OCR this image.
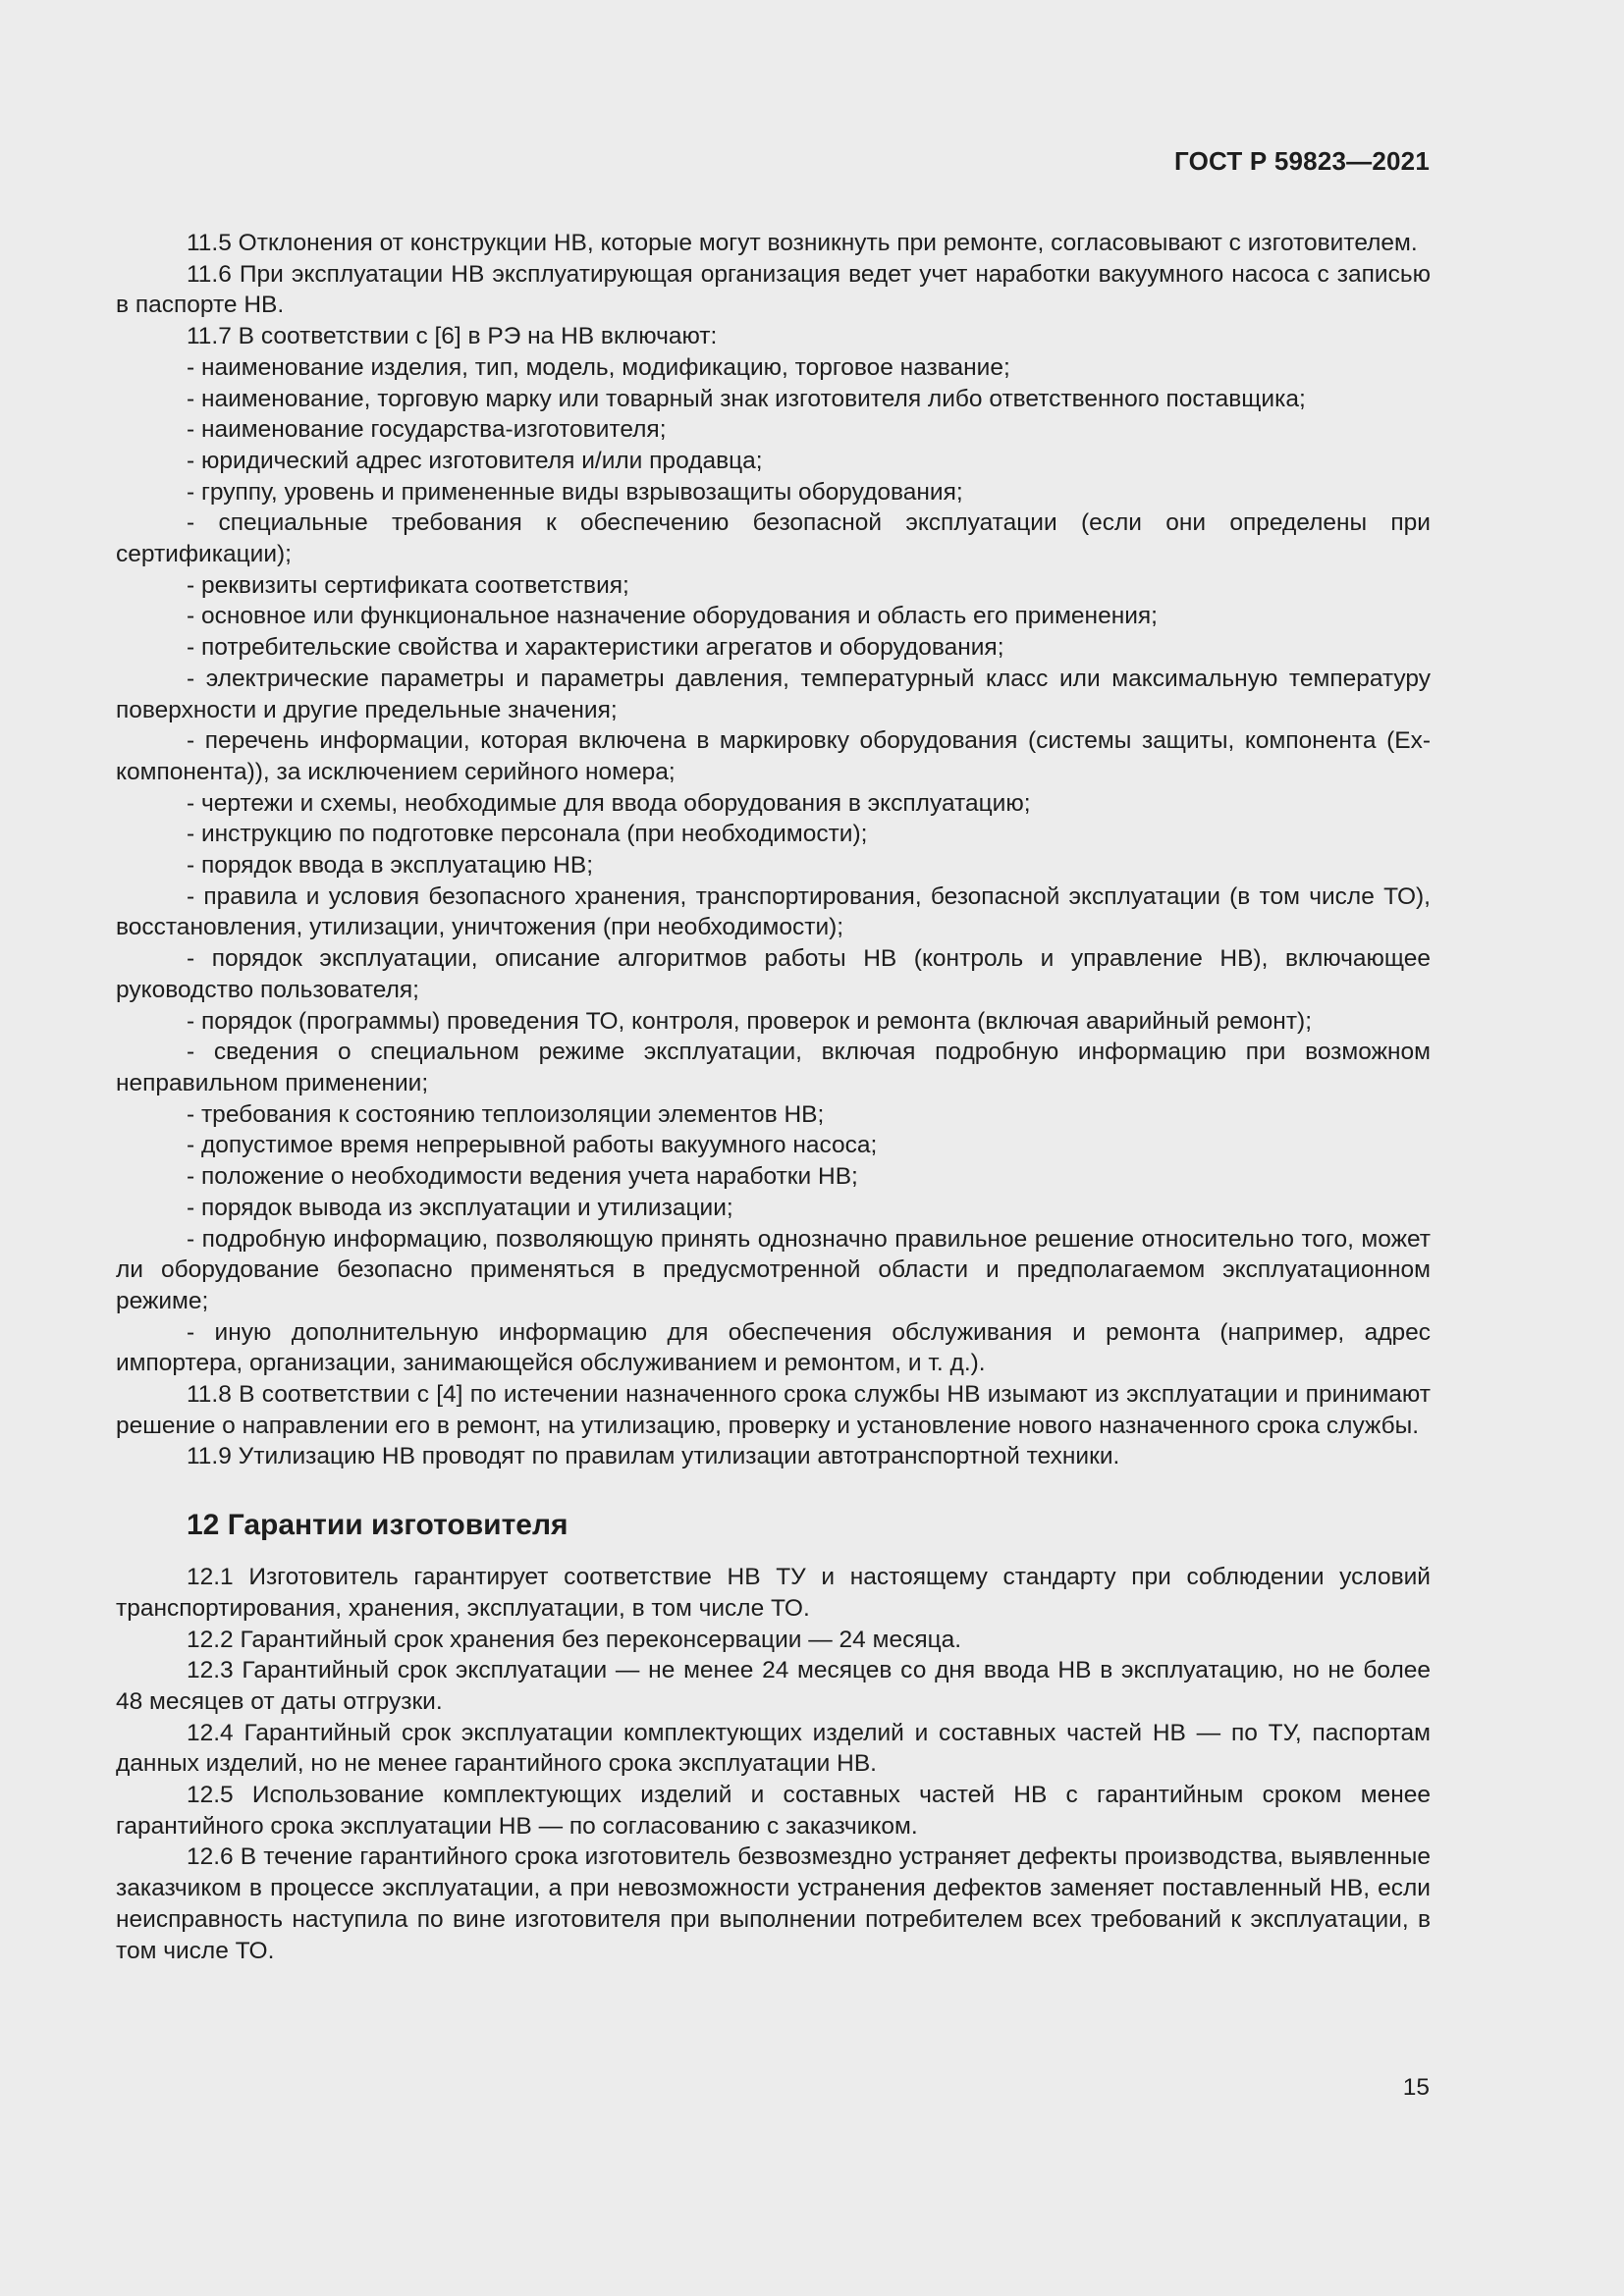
ГОСТ Р 59823—2021

11.5 Отклонения от конструкции НВ, которые могут возникнуть при ремонте, согласовывают с изготовителем.

11.6 При эксплуатации НВ эксплуатирующая организация ведет учет наработки вакуумного насоса с записью в паспорте НВ.

11.7 В соответствии с [6] в РЭ на НВ включают:

- наименование изделия, тип, модель, модификацию, торговое название;

- наименование, торговую марку или товарный знак изготовителя либо ответственного поставщика;

- наименование государства-изготовителя;

- юридический адрес изготовителя и/или продавца;

- группу, уровень и примененные виды взрывозащиты оборудования;

- специальные требования к обеспечению безопасной эксплуатации (если они определены при сертификации);

- реквизиты сертификата соответствия;

- основное или функциональное назначение оборудования и область его применения;

- потребительские свойства и характеристики агрегатов и оборудования;

- электрические параметры и параметры давления, температурный класс или максимальную температуру поверхности и другие предельные значения;

- перечень информации, которая включена в маркировку оборудования (системы защиты, компонента (Ex-компонента)), за исключением серийного номера;

- чертежи и схемы, необходимые для ввода оборудования в эксплуатацию;

- инструкцию по подготовке персонала (при необходимости);

- порядок ввода в эксплуатацию НВ;

- правила и условия безопасного хранения, транспортирования, безопасной эксплуатации (в том числе ТО), восстановления, утилизации, уничтожения (при необходимости);

- порядок эксплуатации, описание алгоритмов работы НВ (контроль и управление НВ), включающее руководство пользователя;

- порядок (программы) проведения ТО, контроля, проверок и ремонта (включая аварийный ремонт);

- сведения о специальном режиме эксплуатации, включая подробную информацию при возможном неправильном применении;

- требования к состоянию теплоизоляции элементов НВ;

- допустимое время непрерывной работы вакуумного насоса;

- положение о необходимости ведения учета наработки НВ;

- порядок вывода из эксплуатации и утилизации;

- подробную информацию, позволяющую принять однозначно правильное решение относительно того, может ли оборудование безопасно применяться в предусмотренной области и предполагаемом эксплуатационном режиме;

- иную дополнительную информацию для обеспечения обслуживания и ремонта (например, адрес импортера, организации, занимающейся обслуживанием и ремонтом, и т. д.).

11.8 В соответствии с [4] по истечении назначенного срока службы НВ изымают из эксплуатации и принимают решение о направлении его в ремонт, на утилизацию, проверку и установление нового назначенного срока службы.

11.9 Утилизацию НВ проводят по правилам утилизации автотранспортной техники.

12 Гарантии изготовителя

12.1 Изготовитель гарантирует соответствие НВ ТУ и настоящему стандарту при соблюдении условий транспортирования, хранения, эксплуатации, в том числе ТО.

12.2 Гарантийный срок хранения без переконсервации — 24 месяца.

12.3 Гарантийный срок эксплуатации — не менее 24 месяцев со дня ввода НВ в эксплуатацию, но не более 48 месяцев от даты отгрузки.

12.4 Гарантийный срок эксплуатации комплектующих изделий и составных частей НВ — по ТУ, паспортам данных изделий, но не менее гарантийного срока эксплуатации НВ.

12.5 Использование комплектующих изделий и составных частей НВ с гарантийным сроком менее гарантийного срока эксплуатации НВ — по согласованию с заказчиком.

12.6 В течение гарантийного срока изготовитель безвозмездно устраняет дефекты производства, выявленные заказчиком в процессе эксплуатации, а при невозможности устранения дефектов заменяет поставленный НВ, если неисправность наступила по вине изготовителя при выполнении потребителем всех требований к эксплуатации, в том числе ТО.

15
